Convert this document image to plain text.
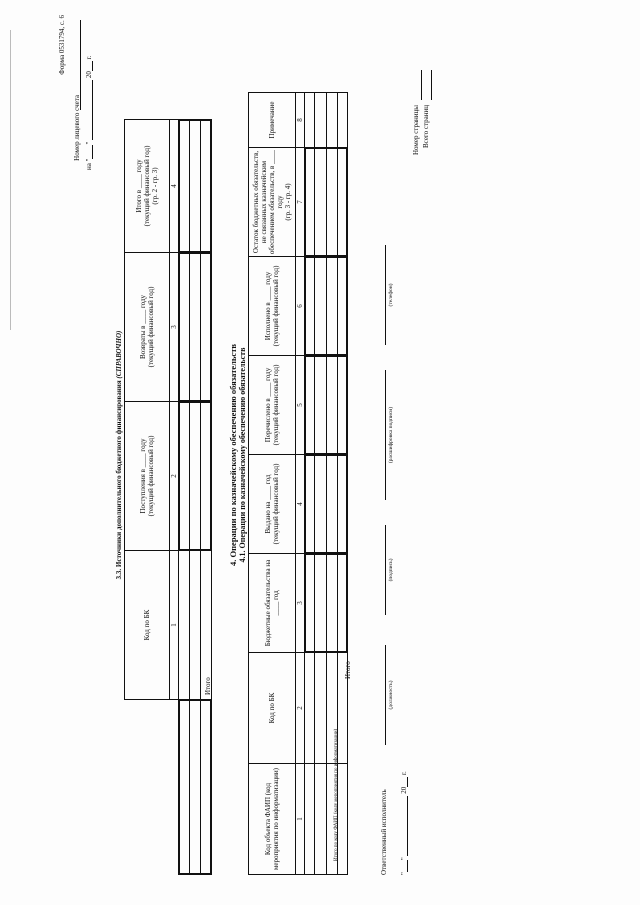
Форма 0531794, с. 6
Номер лицевого счета
на ""  20 г.
3.3. Источники дополнительного бюджетного финансирования (СПРАВОЧНО)
Код по БК
Поступления в ____ году (текущий финансовый год)
Возвраты в ____ году (текущий финансовый год)
Итого в ____ году (текущий финансовый год) (гр. 2 - гр. 3)
1
2
3
4
Итого
4. Операции по казначейскому обеспечению обязательств 4.1. Операции по казначейскому обеспечению обязательств
Код объекта ФАИП (код мероприятия по информатизации)
Код по БК
Бюджетные обязательства на ____ год
Выдано на ____ год (текущий финансовый год)
Перечислено в ____ году (текущий финансовый год)
Исполнено в ____ году (текущий финансовый год)
Остаток бюджетных обязательств, не связанных казначейским обеспечением обязательств, в ____ году (гр. 3 - гр. 4)
Примечание
1
2
3
4
5
6
7
8
Итого по коду ФАИП (коду мероприятия по информатизации)
Итого
Ответственный исполнитель
(должность)
(подпись)
(расшифровка подписи)
(телефон)
""  20 г.
Номер страницы Всего страниц
